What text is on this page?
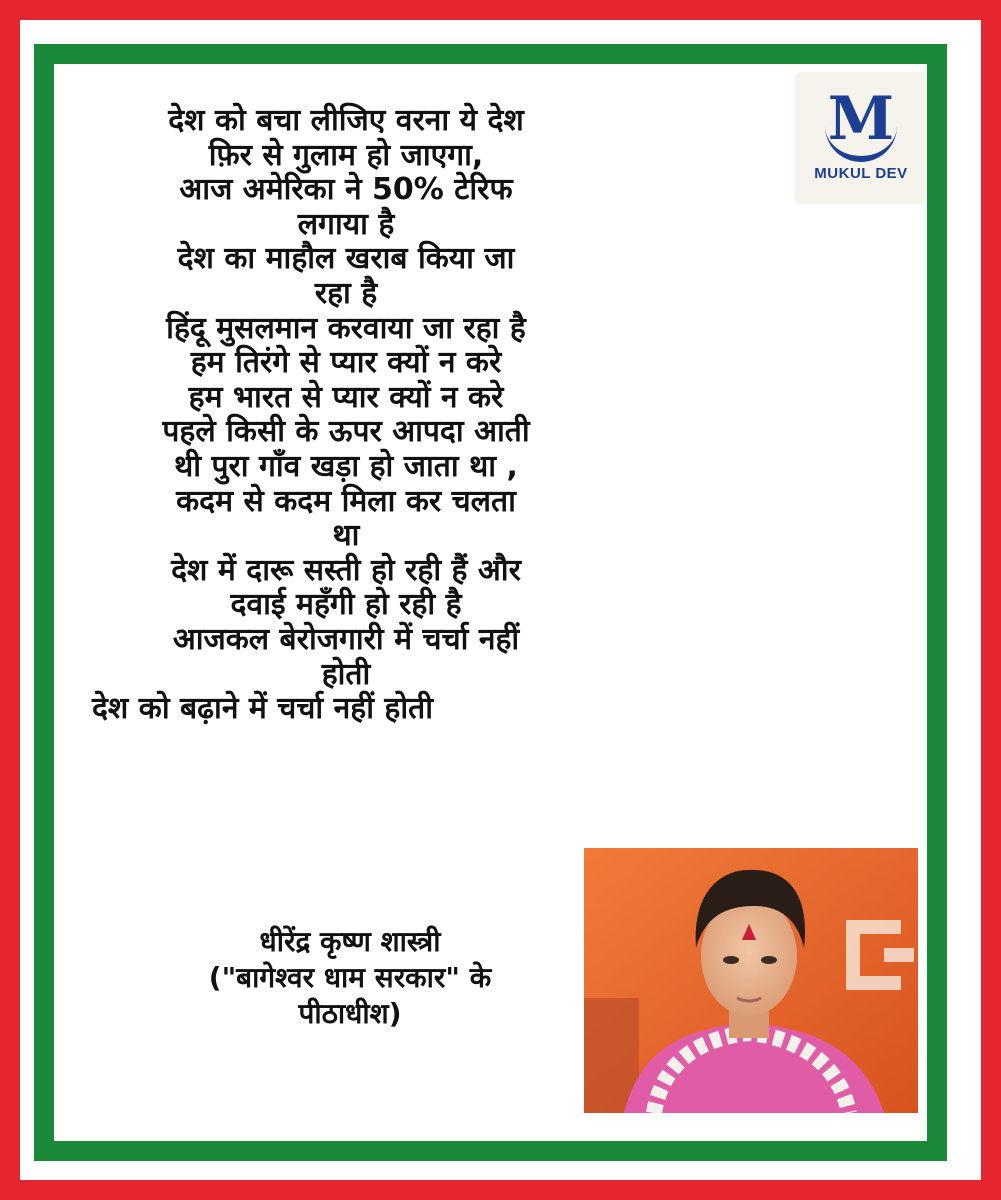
देश को बचा लीजिए वरना ये देश
फ़िर से गुलाम हो जाएगा,
आज अमेरिका ने 50% टेरिफ
लगाया है
देश का माहौल खराब किया जा
रहा है
हिंदू मुसलमान करवाया जा रहा है
हम तिरंगे से प्यार क्यों न करे
हम भारत से प्यार क्यों न करे
पहले किसी के ऊपर आपदा आती
थी पुरा गाँव खड़ा हो जाता था ,
कदम से कदम मिला कर चलता
था
देश में दारू सस्ती हो रही हैं और
दवाई महँगी हो रही है
आजकल बेरोजगारी में चर्चा नहीं
होती
देश को बढ़ाने में चर्चा नहीं होती
M
MUKUL DEV
धीरेंद्र कृष्ण शास्त्री
("बागेश्वर धाम सरकार" के
पीठाधीश)
